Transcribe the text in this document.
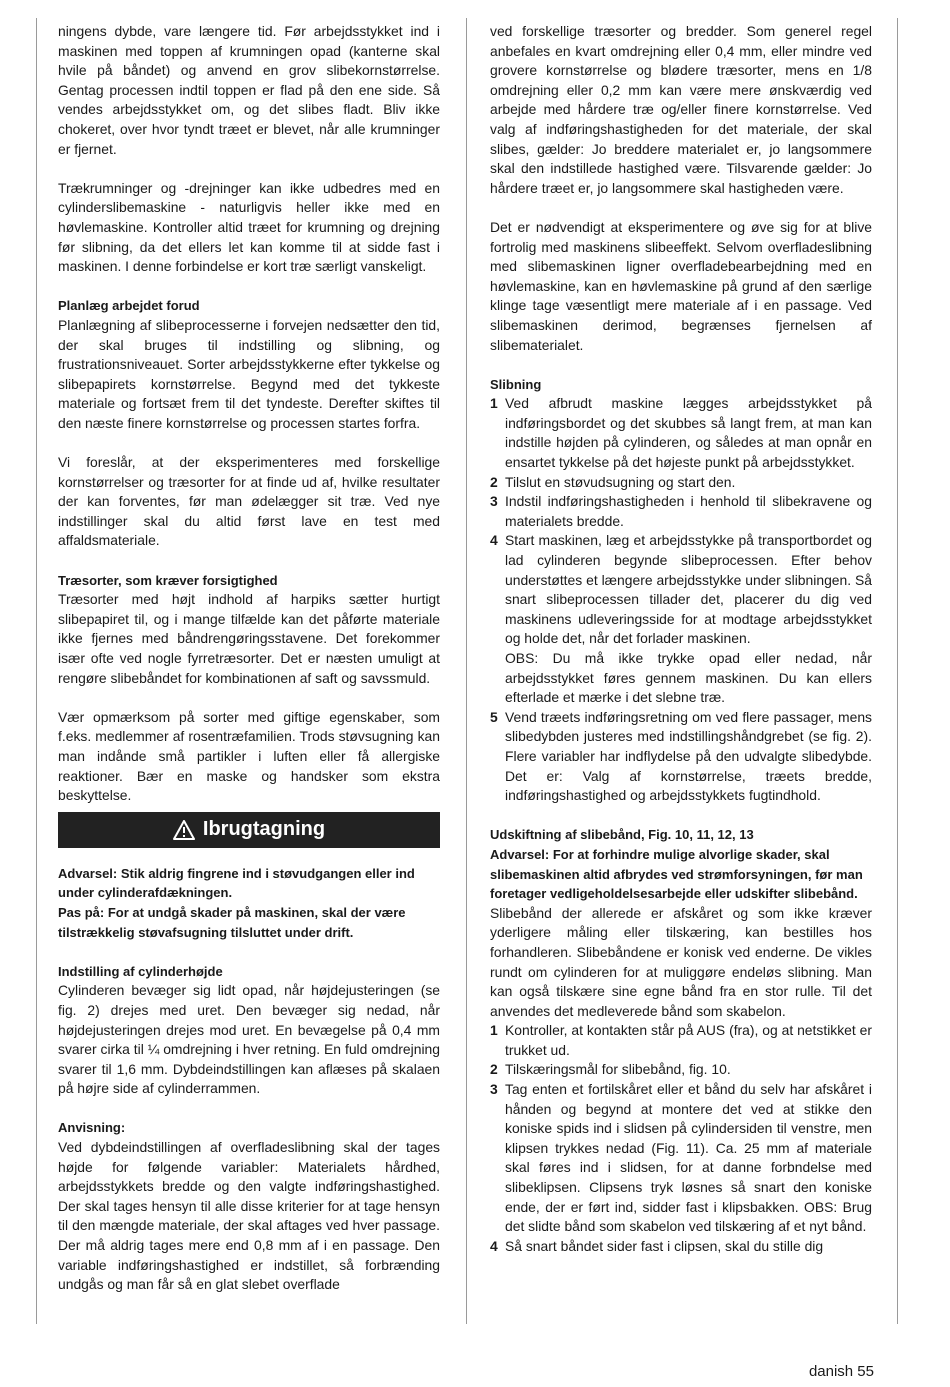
ningens dybde, vare længere tid. Før arbejdsstykket ind i maskinen med toppen af krumningen opad (kanterne skal hvile på båndet) og anvend en grov slibekornstørrelse. Gentag processen indtil toppen er flad på den ene side. Så vendes arbejdsstykket om, og det slibes fladt. Bliv ikke chokeret, over hvor tyndt træet er blevet, når alle krumninger er fjernet.

Trækrumninger og -drejninger kan ikke udbedres med en cylinderslibemaskine - naturligvis heller ikke med en høvlemaskine. Kontroller altid træet for krumning og drejning før slibning, da det ellers let kan komme til at sidde fast i maskinen. I denne forbindelse er kort træ særligt vanskeligt.

Planlæg arbejdet forud

Planlægning af slibeprocesserne i forvejen nedsætter den tid, der skal bruges til indstilling og slibning, og frustrationsniveauet. Sorter arbejdsstykkerne efter tykkelse og slibepapirets kornstørrelse. Begynd med det tykkeste materiale og fortsæt frem til det tyndeste. Derefter skiftes til den næste finere kornstørrelse og processen startes forfra.

Vi foreslår, at der eksperimenteres med forskellige kornstørrelser og træsorter for at finde ud af, hvilke resultater der kan forventes, før man ødelægger sit træ. Ved nye indstillinger skal du altid først lave en test med affaldsmateriale.

Træsorter, som kræver forsigtighed

Træsorter med højt indhold af harpiks sætter hurtigt slibepapiret til, og i mange tilfælde kan det påførte materiale ikke fjernes med båndrengøringsstavene. Det forekommer især ofte ved nogle fyrretræsorter. Det er næsten umuligt at rengøre slibebåndet for kombinationen af saft og savssmuld.

Vær opmærksom på sorter med giftige egenskaber, som f.eks. medlemmer af rosentræfamilien. Trods støvsugning kan man indånde små partikler i luften eller få allergiske reaktioner. Bær en maske og handsker som ekstra beskyttelse.

Ibrugtagning

Advarsel: Stik aldrig fingrene ind i støvudgangen eller ind under cylinderafdækningen.

Pas på: For at undgå skader på maskinen, skal der være tilstrækkelig støvafsugning tilsluttet under drift.

Indstilling af cylinderhøjde

Cylinderen bevæger sig lidt opad, når højdejusteringen (se fig. 2) drejes med uret. Den bevæger sig nedad, når højdejusteringen drejes mod uret. En bevægelse på 0,4 mm svarer cirka til ¼ omdrejning i hver retning. En fuld omdrejning svarer til 1,6 mm. Dybdeindstillingen kan aflæses på skalaen på højre side af cylinderrammen.

Anvisning:

Ved dybdeindstillingen af overfladeslibning skal der tages højde for følgende variabler: Materialets hårdhed, arbejdsstykkets bredde og den valgte indføringshastighed. Der skal tages hensyn til alle disse kriterier for at tage hensyn til den mængde materiale, der skal aftages ved hver passage. Der må aldrig tages mere end 0,8 mm af i en passage. Den variable indføringshastighed er indstillet, så forbrænding undgås og man får så en glat slebet overflade

ved forskellige træsorter og bredder. Som generel regel anbefales en kvart omdrejning eller 0,4 mm, eller mindre ved grovere kornstørrelse og blødere træsorter, mens en 1/8 omdrejning eller 0,2 mm kan være mere ønskværdig ved arbejde med hårdere træ og/eller finere kornstørrelse. Ved valg af indføringshastigheden for det materiale, der skal slibes, gælder: Jo breddere materialet er, jo langsommere skal den indstillede hastighed være. Tilsvarende gælder: Jo hårdere træet er, jo langsommere skal hastigheden være.

Det er nødvendigt at eksperimentere og øve sig for at blive fortrolig med maskinens slibeeffekt. Selvom overfladeslibning med slibemaskinen ligner overfladebearbejdning med en høvlemaskine, kan en høvlemaskine på grund af den særlige klinge tage væsentligt mere materiale af i en passage. Ved slibemaskinen derimod, begrænses fjernelsen af slibematerialet.

Slibning
1 Ved afbrudt maskine lægges arbejdsstykket på indføringsbordet og det skubbes så langt frem, at man kan indstille højden på cylinderen, og således at man opnår en ensartet tykkelse på det højeste punkt på arbejdsstykket.
2 Tilslut en støvudsugning og start den.
3 Indstil indføringshastigheden i henhold til slibekravene og materialets bredde.
4 Start maskinen, læg et arbejdsstykke på transportbordet og lad cylinderen begynde slibeprocessen. Efter behov understøttes et længere arbejdsstykke under slibningen. Så snart slibeprocessen tillader det, placerer du dig ved maskinens udleveringsside for at modtage arbejdsstykket og holde det, når det forlader maskinen.
OBS: Du må ikke trykke opad eller nedad, når arbejdsstykket føres gennem maskinen. Du kan ellers efterlade et mærke i det slebne træ.
5 Vend træets indføringsretning om ved flere passager, mens slibedybden justeres med indstillingshåndgrebet (se fig. 2). Flere variabler har indflydelse på den udvalgte slibedybde. Det er: Valg af kornstørrelse, træets bredde, indføringshastighed og arbejdsstykkets fugtindhold.
Udskiftning af slibebånd, Fig. 10, 11, 12, 13

Advarsel: For at forhindre mulige alvorlige skader, skal slibemaskinen altid afbrydes ved strømforsyningen, før man foretager vedligeholdelsesarbejde eller udskifter slibebånd.

Slibebånd der allerede er afskåret og som ikke kræver yderligere måling eller tilskæring, kan bestilles hos forhandleren. Slibebåndene er konisk ved enderne. De vikles rundt om cylinderen for at muliggøre endeløs slibning. Man kan også tilskære sine egne bånd fra en stor rulle. Til det anvendes det medleverede bånd som skabelon.

1 Kontroller, at kontakten står på AUS (fra), og at netstikket er trukket ud.
2 Tilskæringsmål for slibebånd, fig. 10.
3 Tag enten et fortilskåret eller et bånd du selv har afskåret i hånden og begynd at montere det ved at stikke den koniske spids ind i slidsen på cylindersiden til venstre, men klipsen trykkes nedad (Fig. 11). Ca. 25 mm af materiale skal føres ind i slidsen, for at danne forbndelse med slibeklipsen. Clipsens tryk løsnes så snart den koniske ende, der er ført ind, sidder fast i klipsbakken. OBS: Brug det slidte bånd som skabelon ved tilskæring af et nyt bånd.
4 Så snart båndet sider fast i clipsen, skal du stille dig
danish 55
